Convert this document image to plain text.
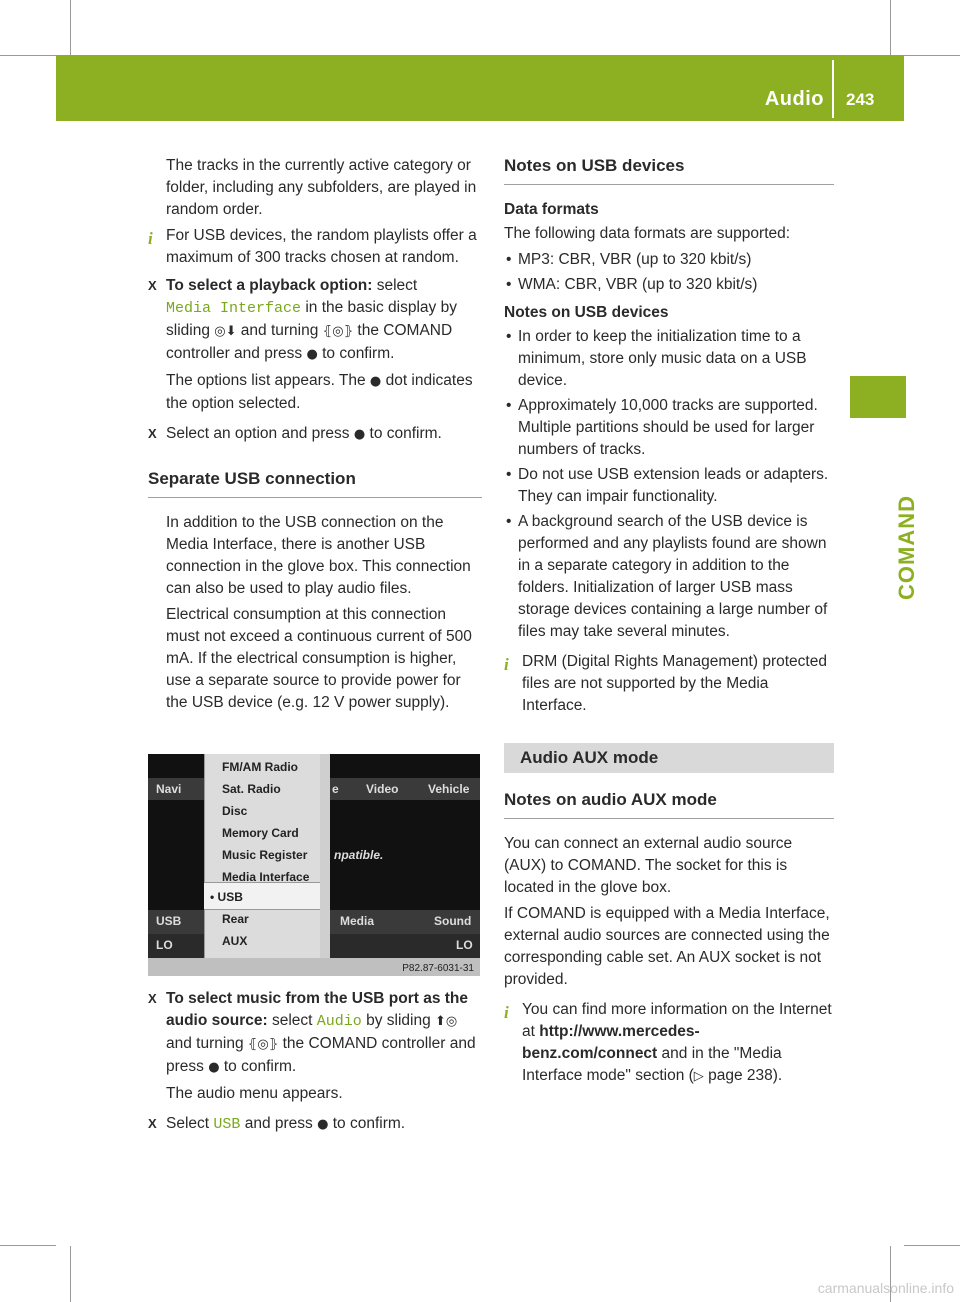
Audio 243
COMAND

The tracks in the currently active category or folder, including any subfolders, are played in random order.

i For USB devices, the random playlists offer a maximum of 300 tracks chosen at random.
X To select a playback option: select
Media Interface in the basic display by sliding ◎⬇ and turning ⦃◎⦄ the COMAND controller and press ● to confirm.
The options list appears. The ● dot indicates the option selected.
X Select an option and press ● to confirm.
Separate USB connection

In addition to the USB connection on the Media Interface, there is another USB connection in the glove box. This connection can also be used to play audio files.

Electrical consumption at this connection must not exceed a continuous current of 500 mA. If the electrical consumption is higher, use a separate source to provide power for the USB device (e.g. 12 V power supply).

Navi	e Video Vehicle
npatible.
USB	Media	Sound
LO	LO
FM/AM Radio
Sat. Radio
Disc
Memory Card
Music Register
Media Interface
• USB
Rear
AUX
P82.87-6031-31
X To select music from the USB port as the audio source: select Audio by sliding ⬆◎ and turning ⦃◎⦄ the COMAND controller and press ● to confirm.
The audio menu appears.
X Select USB and press ● to confirm.
Notes on USB devices
Data formats

The following data formats are supported:

• MP3: CBR, VBR (up to 320 kbit/s)
• WMA: CBR, VBR (up to 320 kbit/s)
Notes on USB devices
• In order to keep the initialization time to a minimum, store only music data on a USB device.
• Approximately 10,000 tracks are supported. Multiple partitions should be used for larger numbers of tracks.
• Do not use USB extension leads or adapters. They can impair functionality.
• A background search of the USB device is performed and any playlists found are shown in a separate category in addition to the folders. Initialization of larger USB mass storage devices containing a large number of files may take several minutes.
i DRM (Digital Rights Management) protected files are not supported by the Media Interface.
Audio AUX mode
Notes on audio AUX mode

You can connect an external audio source (AUX) to COMAND. The socket for this is located in the glove box.

If COMAND is equipped with a Media Interface, external audio sources are connected using the corresponding cable set. An AUX socket is not provided.

i You can find more information on the Internet at http://www.mercedes-benz.com/connect and in the "Media Interface mode" section (▷ page 238).
carmanualsonline.info
